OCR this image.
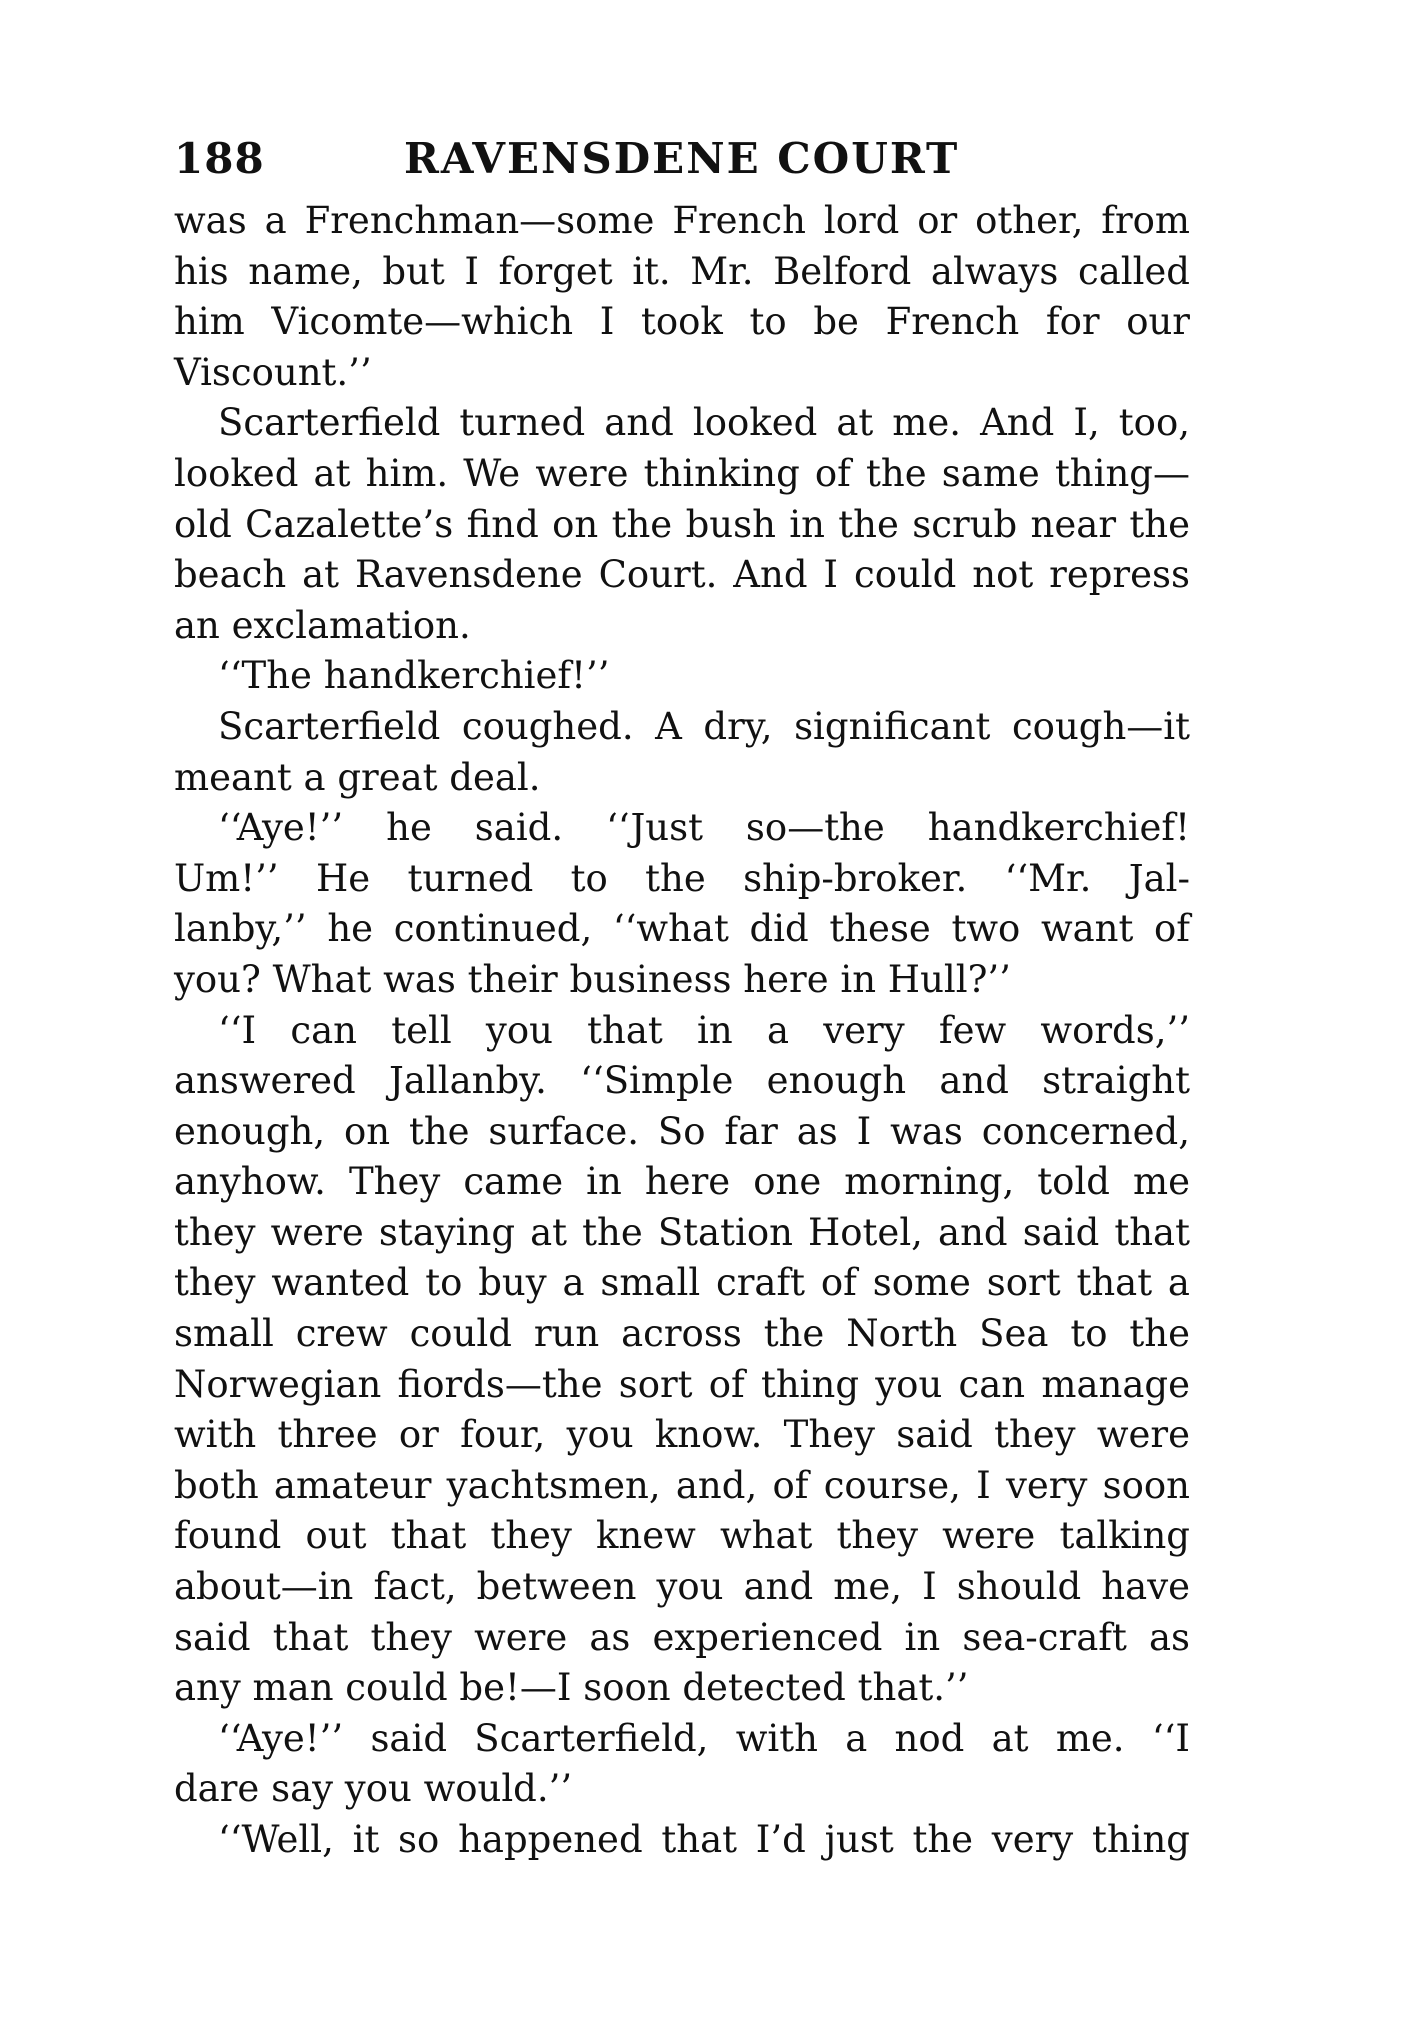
188	RAVENSDENE COURT
was a Frenchman—some French lord or other, from
his name, but I forget it. Mr. Belford always called
him Vicomte—which I took to be French for our
Viscount.’’
Scarterfield turned and looked at me. And I, too,
looked at him. We were thinking of the same thing—
old Cazalette’s find on the bush in the scrub near the
beach at Ravensdene Court. And I could not repress
an exclamation.
‘‘The handkerchief!’’
Scarterfield coughed. A dry, significant cough—it
meant a great deal.
‘‘Aye!’’ he said. ‘‘Just so—the handkerchief!
Um!’’ He turned to the ship-broker. ‘‘Mr. Jal-
lanby,’’ he continued, ‘‘what did these two want of
you? What was their business here in Hull?’’
‘‘I can tell you that in a very few words,’’
answered Jallanby. ‘‘Simple enough and straight
enough, on the surface. So far as I was concerned,
anyhow. They came in here one morning, told me
they were staying at the Station Hotel, and said that
they wanted to buy a small craft of some sort that a
small crew could run across the North Sea to the
Norwegian fiords—the sort of thing you can manage
with three or four, you know. They said they were
both amateur yachtsmen, and, of course, I very soon
found out that they knew what they were talking
about—in fact, between you and me, I should have
said that they were as experienced in sea-craft as
any man could be!—I soon detected that.’’
‘‘Aye!’’ said Scarterfield, with a nod at me. ‘‘I
dare say you would.’’
‘‘Well, it so happened that I’d just the very thing
